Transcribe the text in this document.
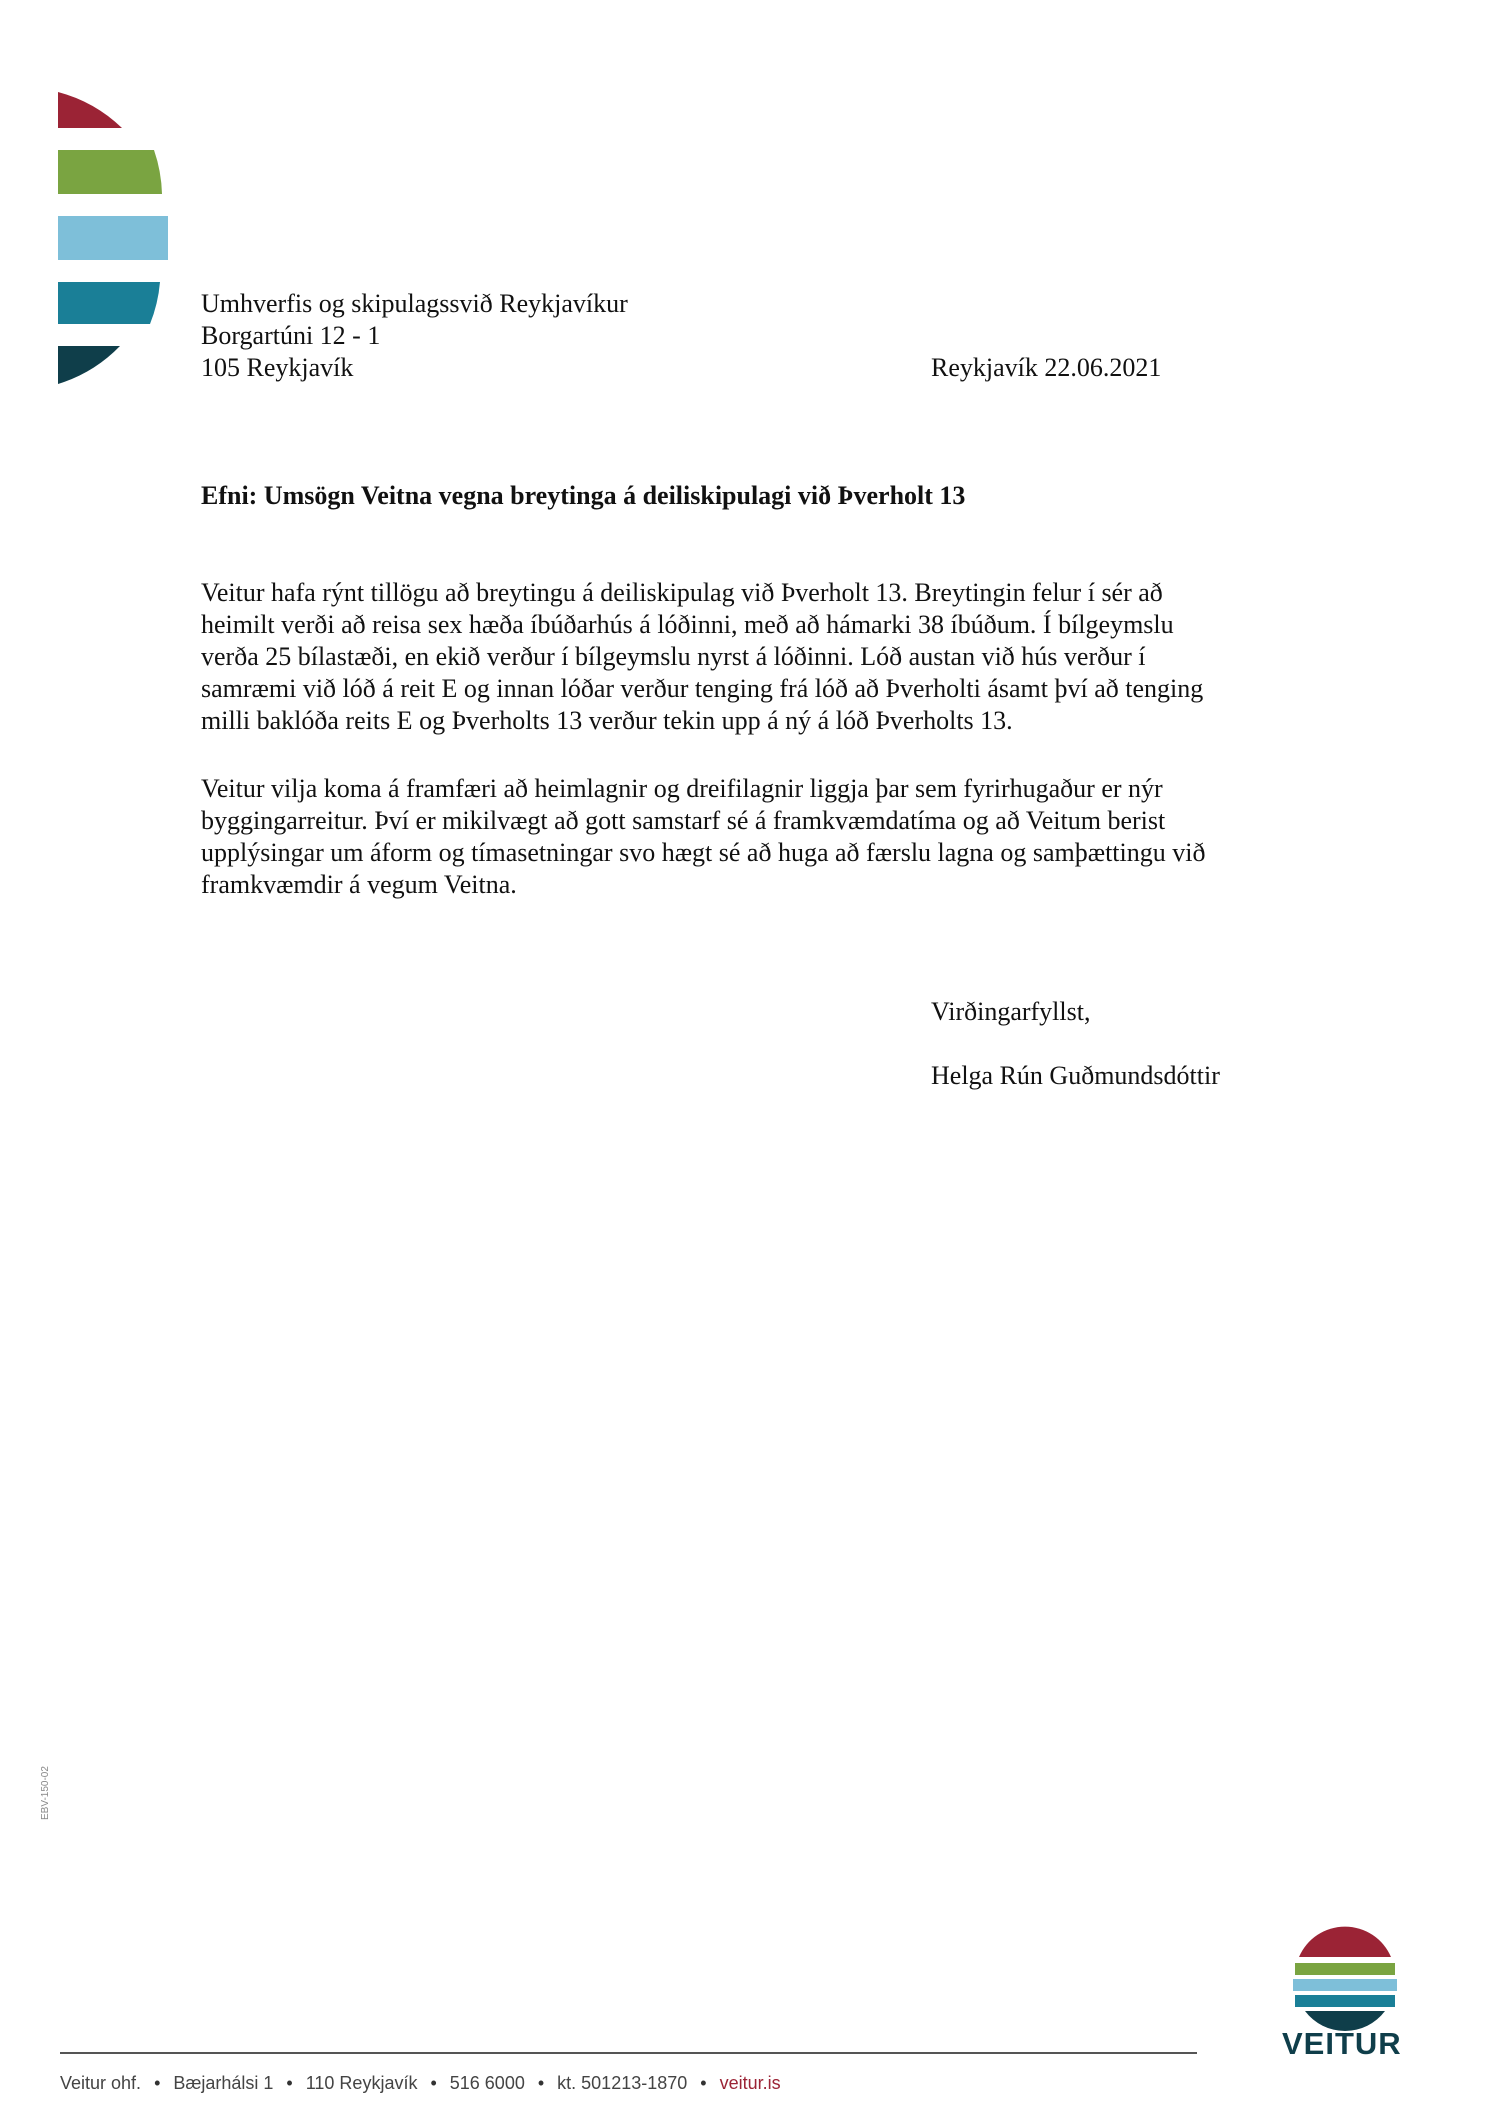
Umhverfis og skipulagssvið Reykjavíkur
Borgartúni 12 - 1
105 Reykjavík	Reykjavík 22.06.2021
Efni: Umsögn Veitna vegna breytinga á deiliskipulagi við Þverholt 13
Veitur hafa rýnt tillögu að breytingu á deiliskipulag við Þverholt 13. Breytingin felur í sér að
heimilt verði að reisa sex hæða íbúðarhús á lóðinni, með að hámarki 38 íbúðum. Í bílgeymslu
verða 25 bílastæði, en ekið verður í bílgeymslu nyrst á lóðinni. Lóð austan við hús verður í
samræmi við lóð á reit E og innan lóðar verður tenging frá lóð að Þverholti ásamt því að tenging
milli baklóða reits E og Þverholts 13 verður tekin upp á ný á lóð Þverholts 13.
Veitur vilja koma á framfæri að heimlagnir og dreifilagnir liggja þar sem fyrirhugaður er nýr
byggingarreitur. Því er mikilvægt að gott samstarf sé á framkvæmdatíma og að Veitum berist
upplýsingar um áform og tímasetningar svo hægt sé að huga að færslu lagna og samþættingu við
framkvæmdir á vegum Veitna.
Virðingarfyllst,
Helga Rún Guðmundsdóttir
EBV-150-02
VEITUR
Veitur ohf. • Bæjarhálsi 1 • 110 Reykjavík • 516 6000 • kt. 501213-1870 • veitur.is
